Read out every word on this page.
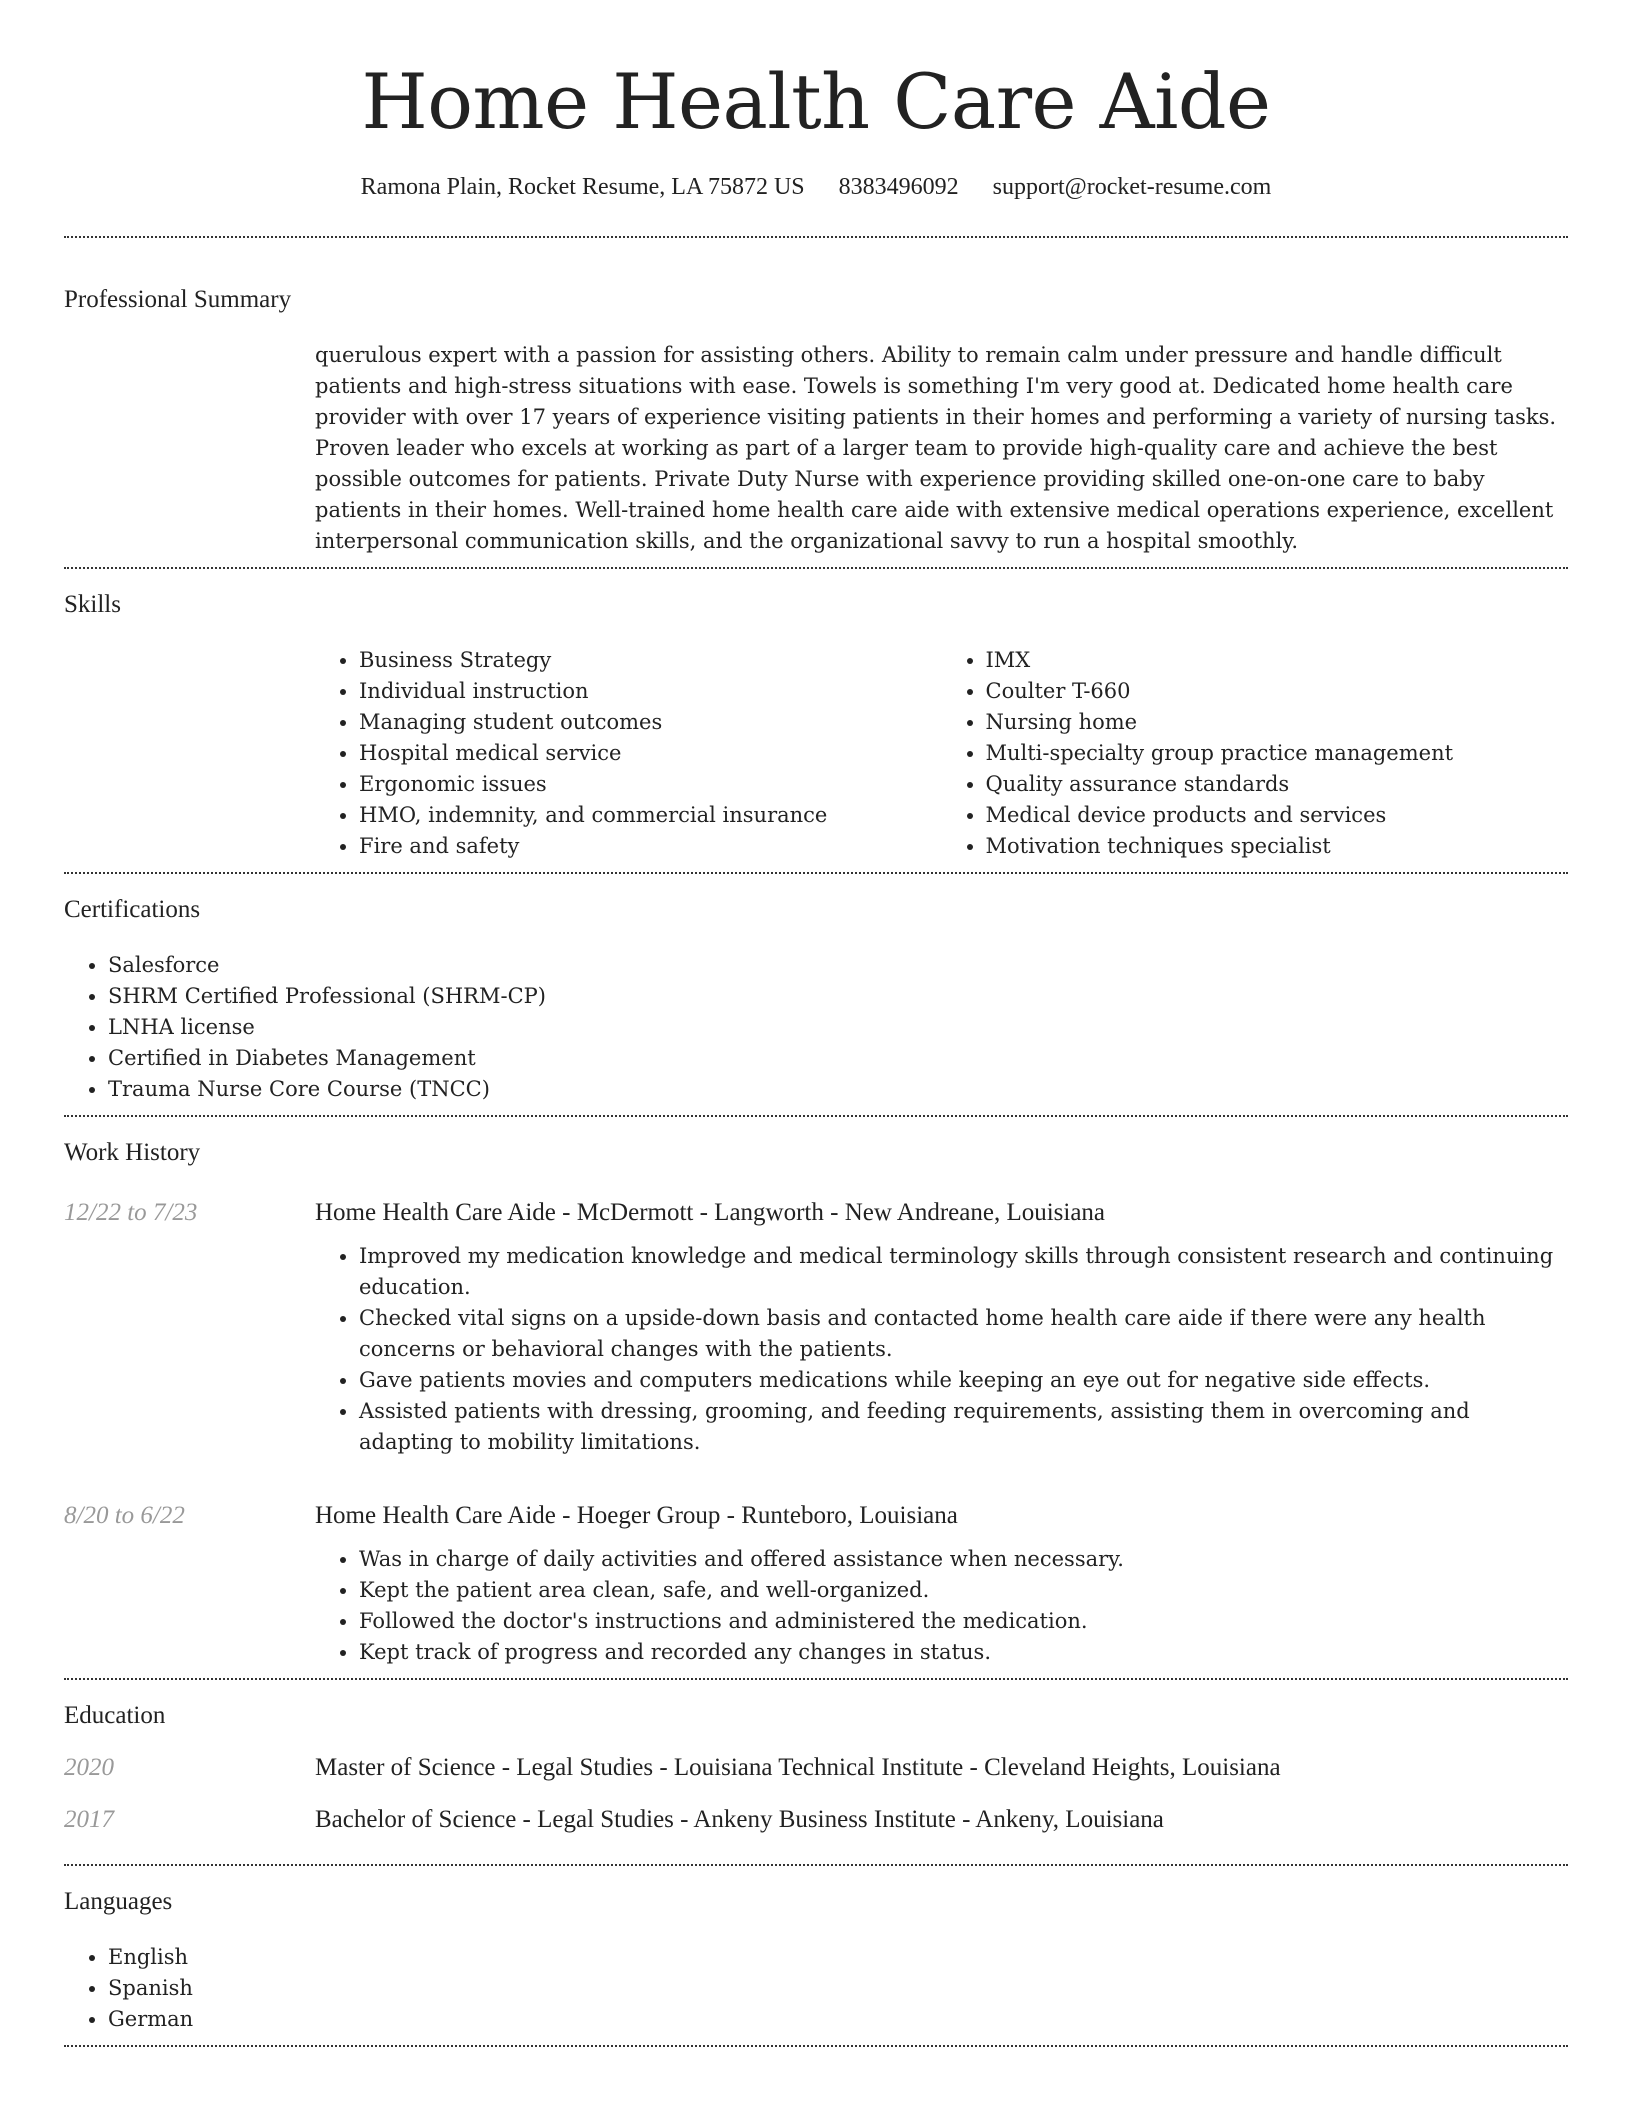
Home Health Care Aide
Ramona Plain, Rocket Resume, LA 75872 US 8383496092 support@rocket-resume.com
Professional Summary

querulous expert with a passion for assisting others. Ability to remain calm under pressure and handle difficult patients and high-stress situations with ease. Towels is something I'm very good at. Dedicated home health care provider with over 17 years of experience visiting patients in their homes and performing a variety of nursing tasks. Proven leader who excels at working as part of a larger team to provide high-quality care and achieve the best possible outcomes for patients. Private Duty Nurse with experience providing skilled one-on-one care to baby patients in their homes. Well-trained home health care aide with extensive medical operations experience, excellent interpersonal communication skills, and the organizational savvy to run a hospital smoothly.

Skills
• Business Strategy
• Individual instruction
• Managing student outcomes
• Hospital medical service
• Ergonomic issues
• HMO, indemnity, and commercial insurance
• Fire and safety
• IMX
• Coulter T-660
• Nursing home
• Multi-specialty group practice management
• Quality assurance standards
• Medical device products and services
• Motivation techniques specialist
Certifications
• Salesforce
• SHRM Certified Professional (SHRM-CP)
• LNHA license
• Certified in Diabetes Management
• Trauma Nurse Core Course (TNCC)
Work History
12/22 to 7/23	Home Health Care Aide - McDermott - Langworth - New Andreane, Louisiana
• Improved my medication knowledge and medical terminology skills through consistent research and continuing education.
• Checked vital signs on a upside-down basis and contacted home health care aide if there were any health concerns or behavioral changes with the patients.
• Gave patients movies and computers medications while keeping an eye out for negative side effects.
• Assisted patients with dressing, grooming, and feeding requirements, assisting them in overcoming and adapting to mobility limitations.
8/20 to 6/22	Home Health Care Aide - Hoeger Group - Runteboro, Louisiana
• Was in charge of daily activities and offered assistance when necessary.
• Kept the patient area clean, safe, and well-organized.
• Followed the doctor's instructions and administered the medication.
• Kept track of progress and recorded any changes in status.
Education
2020	Master of Science - Legal Studies - Louisiana Technical Institute - Cleveland Heights, Louisiana
2017	Bachelor of Science - Legal Studies - Ankeny Business Institute - Ankeny, Louisiana
Languages
• English
• Spanish
• German
